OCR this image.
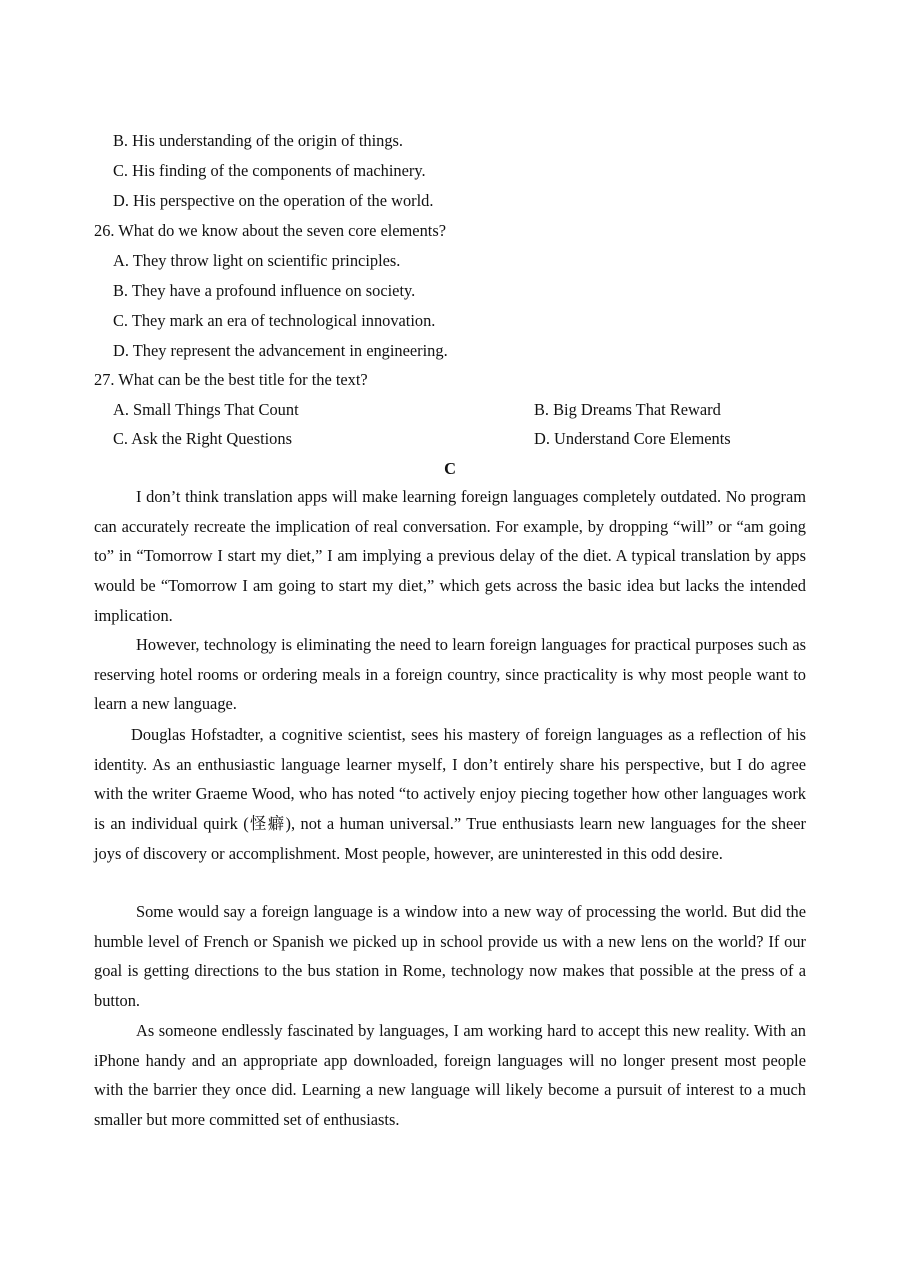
B. His understanding of the origin of things.
C. His finding of the components of machinery.
D. His perspective on the operation of the world.
26. What do we know about the seven core elements?
A. They throw light on scientific principles.
B. They have a profound influence on society.
C. They mark an era of technological innovation.
D. They represent the advancement in engineering.
27. What can be the best title for the text?
A. Small Things That Count	B. Big Dreams That Reward
C. Ask the Right Questions	D. Understand Core Elements
C

I don’t think translation apps will make learning foreign languages completely outdated. No program can accurately recreate the implication of real conversation. For example, by dropping “will” or “am going to” in “Tomorrow I start my diet,” I am implying a previous delay of the diet. A typical translation by apps would be “Tomorrow I am going to start my diet,” which gets across the basic idea but lacks the intended implication.

However, technology is eliminating the need to learn foreign languages for practical purposes such as reserving hotel rooms or ordering meals in a foreign country, since practicality is why most people want to learn a new language.

Douglas Hofstadter, a cognitive scientist, sees his mastery of foreign languages as a reflection of his identity. As an enthusiastic language learner myself, I don’t entirely share his perspective, but I do agree with the writer Graeme Wood, who has noted “to actively enjoy piecing together how other languages work is an individual quirk (怪癖), not a human universal.” True enthusiasts learn new languages for the sheer joys of discovery or accomplishment. Most people, however, are uninterested in this odd desire.

Some would say a foreign language is a window into a new way of processing the world. But did the humble level of French or Spanish we picked up in school provide us with a new lens on the world? If our goal is getting directions to the bus station in Rome, technology now makes that possible at the press of a button.

As someone endlessly fascinated by languages, I am working hard to accept this new reality. With an iPhone handy and an appropriate app downloaded, foreign languages will no longer present most people with the barrier they once did. Learning a new language will likely become a pursuit of interest to a much smaller but more committed set of enthusiasts.
